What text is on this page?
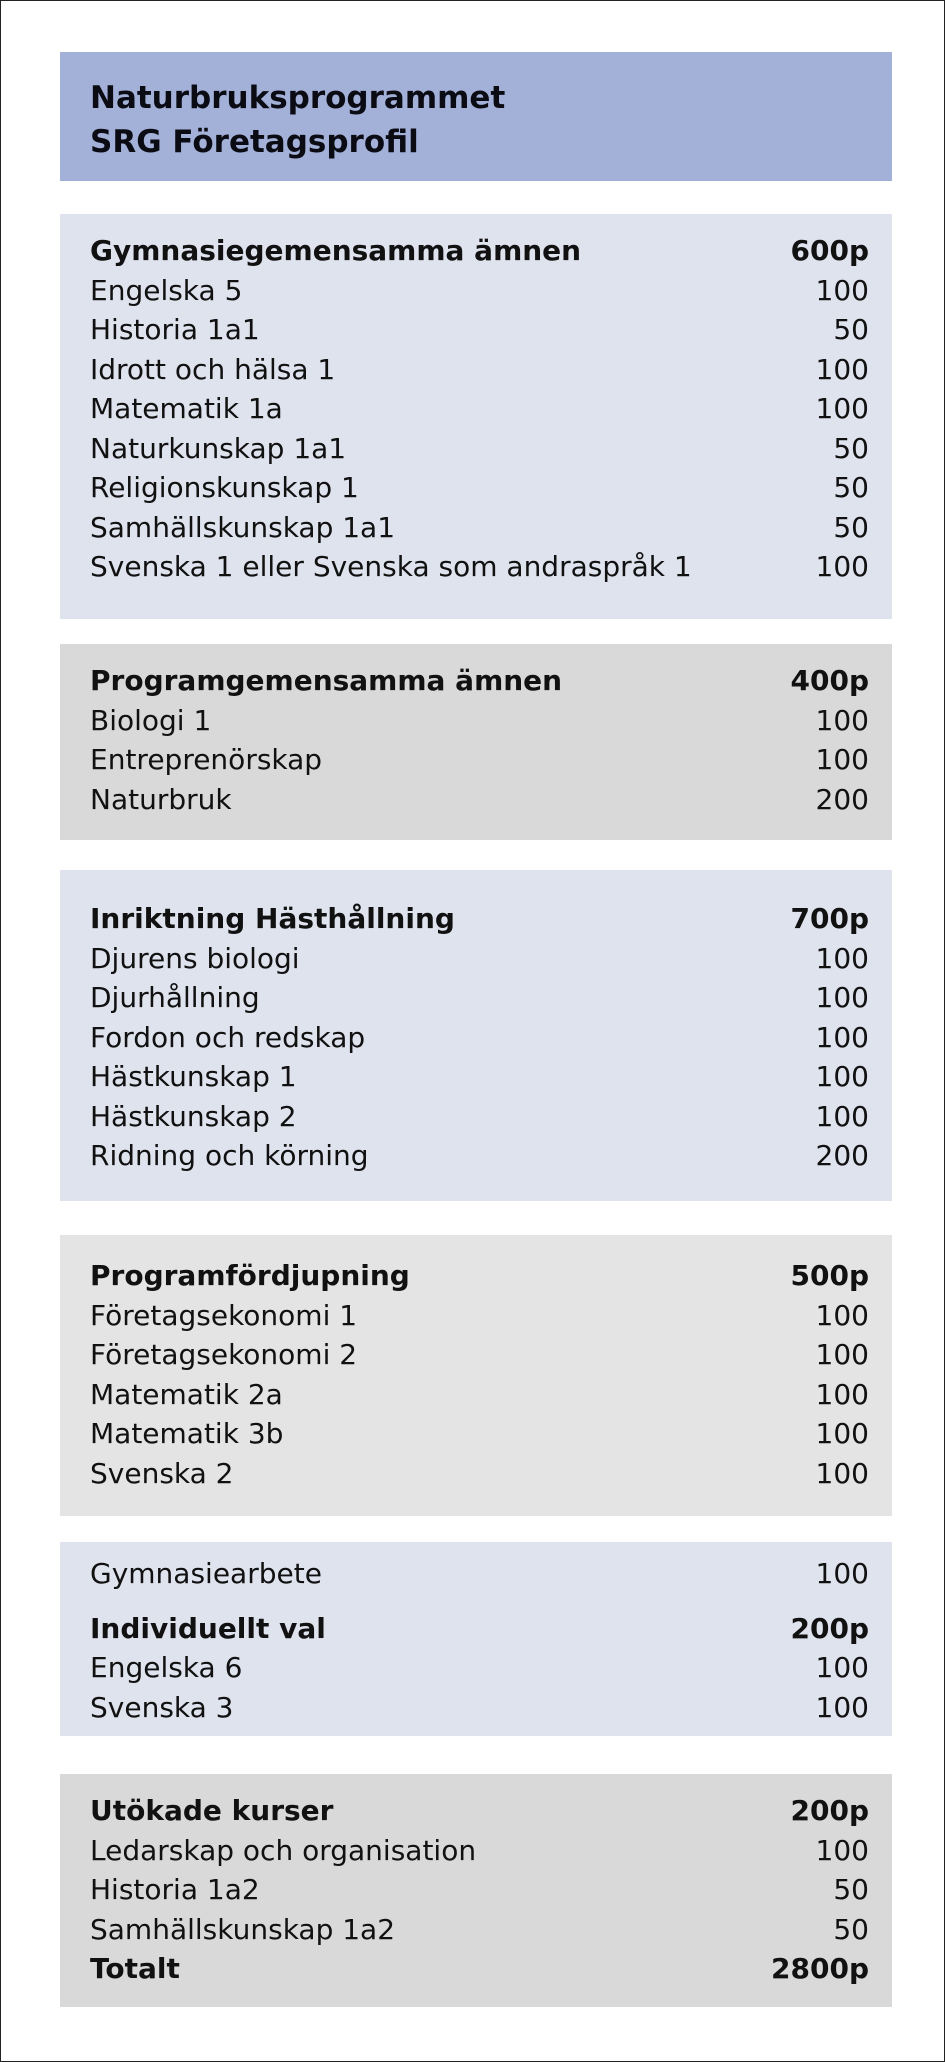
Naturbruksprogrammet
SRG Företagsprofil
Gymnasiegemensamma ämnen	600p
Engelska 5	100
Historia 1a1	50
Idrott och hälsa 1	100
Matematik 1a	100
Naturkunskap 1a1	50
Religionskunskap 1	50
Samhällskunskap 1a1	50
Svenska 1 eller Svenska som andraspråk 1	100
Programgemensamma ämnen	400p
Biologi 1	100
Entreprenörskap	100
Naturbruk	200
Inriktning Hästhållning	700p
Djurens biologi	100
Djurhållning	100
Fordon och redskap	100
Hästkunskap 1	100
Hästkunskap 2	100
Ridning och körning	200
Programfördjupning	500p
Företagsekonomi 1	100
Företagsekonomi 2	100
Matematik 2a	100
Matematik 3b	100
Svenska 2	100
Gymnasiearbete	100
Individuellt val	200p
Engelska 6	100
Svenska 3	100
Utökade kurser	200p
Ledarskap och organisation	100
Historia 1a2	50
Samhällskunskap 1a2	50
Totalt	2800p
